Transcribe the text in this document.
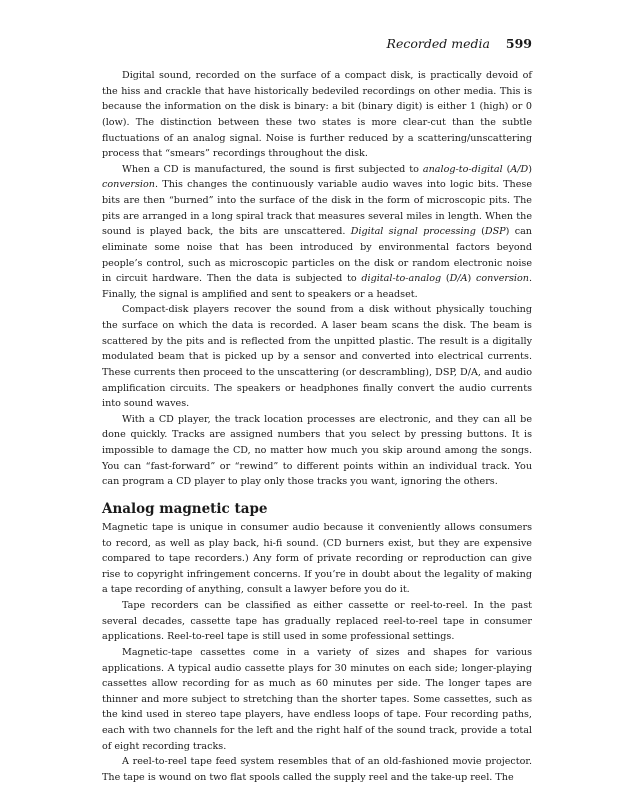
Recorded media 599

Digital sound, recorded on the surface of a compact disk, is practically devoid of the hiss and crackle that have historically bedeviled recordings on other media. This is because the information on the disk is binary: a bit (binary digit) is either 1 (high) or 0 (low). The distinction between these two states is more clear-cut than the subtle fluctuations of an analog signal. Noise is further reduced by a scattering/unscattering process that “smears” recordings throughout the disk.

When a CD is manufactured, the sound is first subjected to analog-to-digital (A/D) conversion. This changes the continuously variable audio waves into logic bits. These bits are then “burned” into the surface of the disk in the form of microscopic pits. The pits are arranged in a long spiral track that measures several miles in length. When the sound is played back, the bits are unscattered. Digital signal processing (DSP) can eliminate some noise that has been introduced by environmental factors beyond people’s control, such as microscopic particles on the disk or random electronic noise in circuit hardware. Then the data is subjected to digital-to-analog (D/A) conversion. Finally, the signal is amplified and sent to speakers or a headset.

Compact-disk players recover the sound from a disk without physically touching the surface on which the data is recorded. A laser beam scans the disk. The beam is scattered by the pits and is reflected from the unpitted plastic. The result is a digitally modulated beam that is picked up by a sensor and converted into electrical currents. These currents then proceed to the unscattering (or descrambling), DSP, D/A, and audio amplification circuits. The speakers or headphones finally convert the audio currents into sound waves.

With a CD player, the track location processes are electronic, and they can all be done quickly. Tracks are assigned numbers that you select by pressing buttons. It is impossible to damage the CD, no matter how much you skip around among the songs. You can “fast-forward” or “rewind” to different points within an individual track. You can program a CD player to play only those tracks you want, ignoring the others.

Analog magnetic tape

Magnetic tape is unique in consumer audio because it conveniently allows consumers to record, as well as play back, hi-fi sound. (CD burners exist, but they are expensive compared to tape recorders.) Any form of private recording or reproduction can give rise to copyright infringement concerns. If you’re in doubt about the legality of making a tape recording of anything, consult a lawyer before you do it.

Tape recorders can be classified as either cassette or reel-to-reel. In the past several decades, cassette tape has gradually replaced reel-to-reel tape in consumer applications. Reel-to-reel tape is still used in some professional settings.

Magnetic-tape cassettes come in a variety of sizes and shapes for various applications. A typical audio cassette plays for 30 minutes on each side; longer-playing cassettes allow recording for as much as 60 minutes per side. The longer tapes are thinner and more subject to stretching than the shorter tapes. Some cassettes, such as the kind used in stereo tape players, have endless loops of tape. Four recording paths, each with two channels for the left and the right half of the sound track, provide a total of eight recording tracks.

A reel-to-reel tape feed system resembles that of an old-fashioned movie projector. The tape is wound on two flat spools called the supply reel and the take-up reel. The
